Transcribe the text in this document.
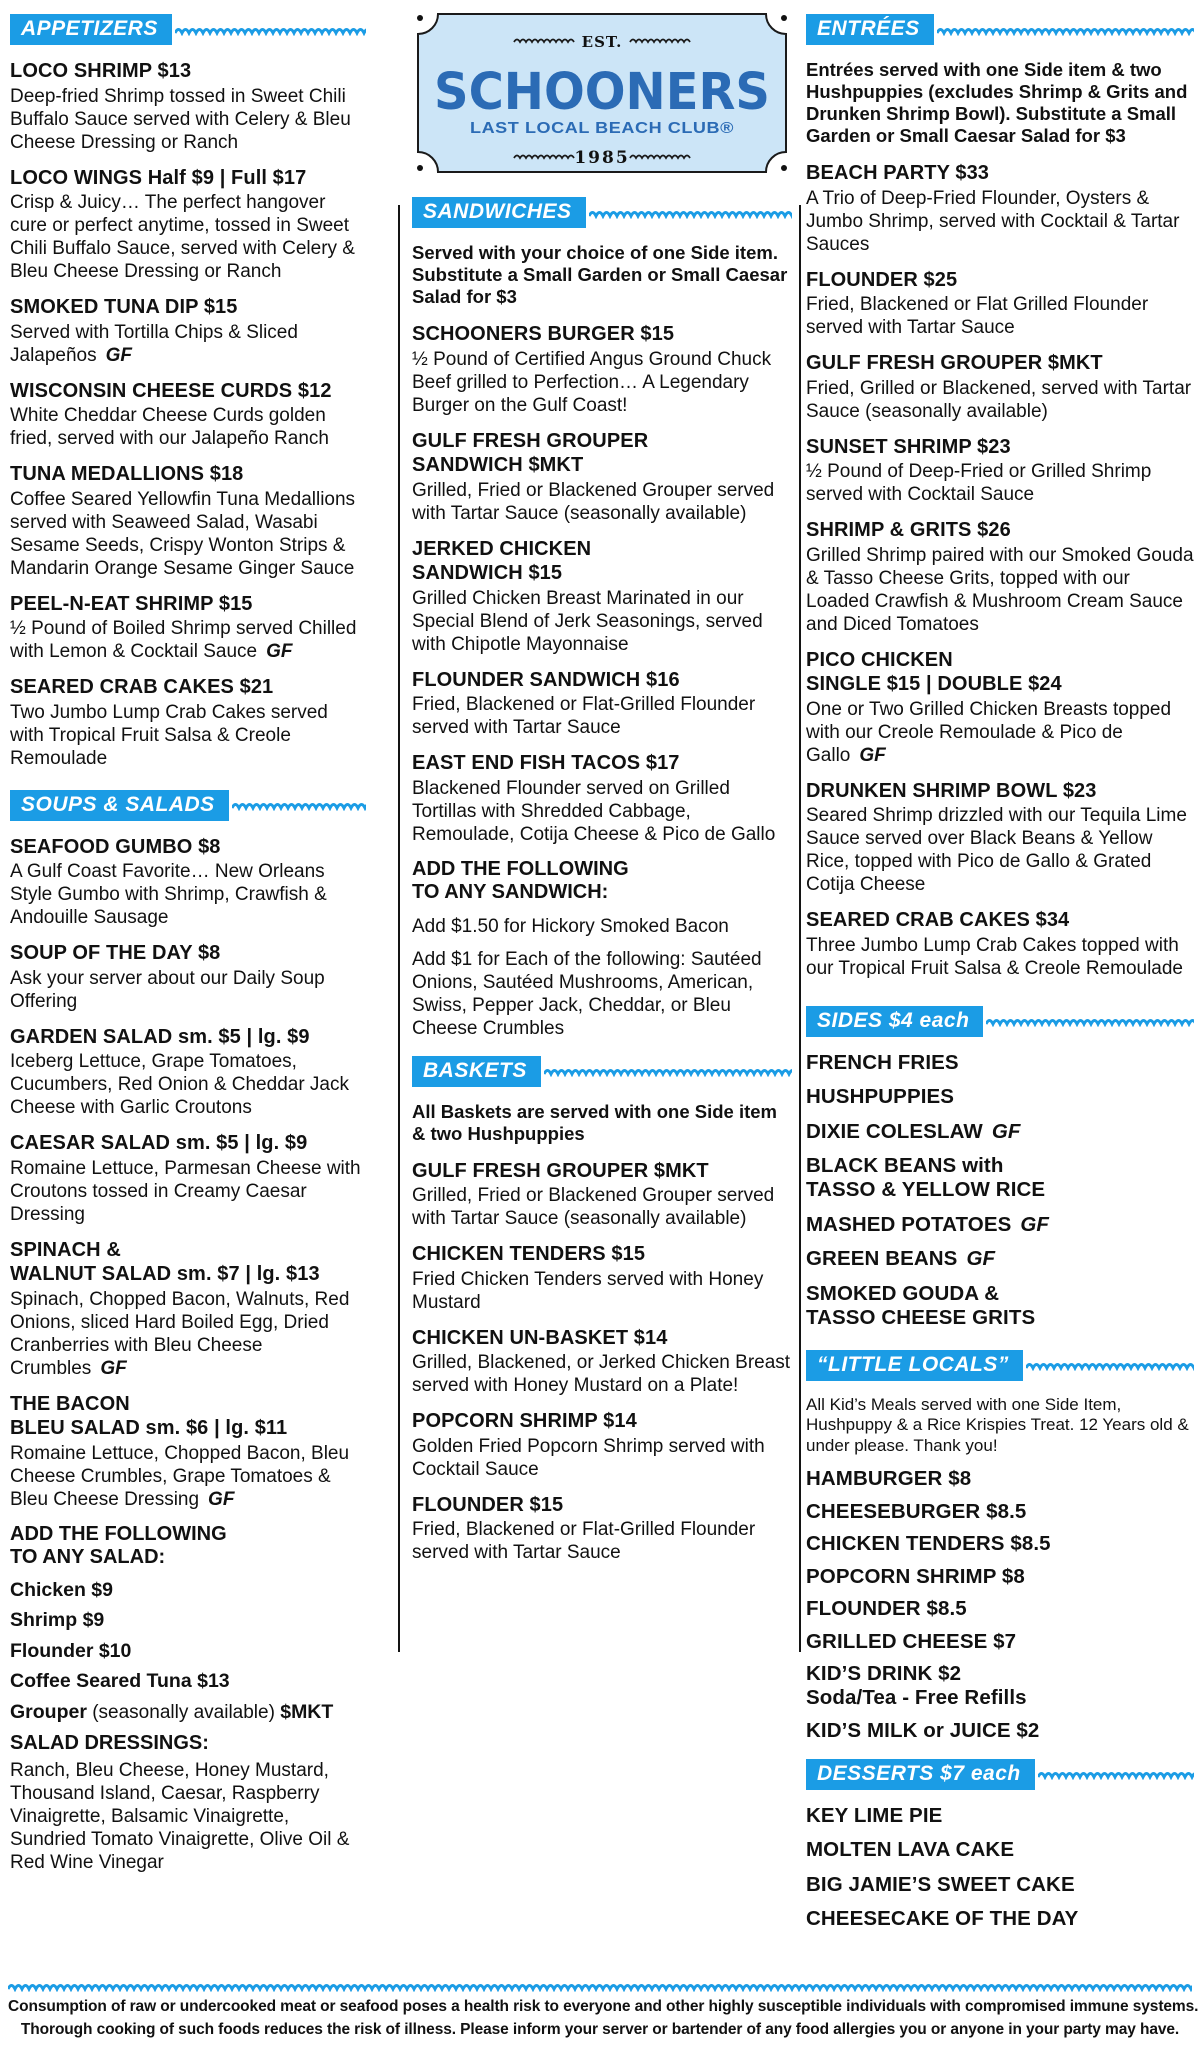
APPETIZERS
LOCO SHRIMP $13
Deep-fried Shrimp tossed in Sweet Chili Buffalo Sauce served with Celery & Bleu Cheese Dressing or Ranch
LOCO WINGS Half $9 | Full $17
Crisp & Juicy… The perfect hangover cure or perfect anytime, tossed in Sweet Chili Buffalo Sauce, served with Celery & Bleu Cheese Dressing or Ranch
SMOKED TUNA DIP $15
Served with Tortilla Chips & Sliced Jalapeños GF
WISCONSIN CHEESE CURDS $12
White Cheddar Cheese Curds golden fried, served with our Jalapeño Ranch
TUNA MEDALLIONS $18
Coffee Seared Yellowfin Tuna Medallions served with Seaweed Salad, Wasabi Sesame Seeds, Crispy Wonton Strips & Mandarin Orange Sesame Ginger Sauce
PEEL-N-EAT SHRIMP $15
½ Pound of Boiled Shrimp served Chilled with Lemon & Cocktail Sauce GF
SEARED CRAB CAKES $21
Two Jumbo Lump Crab Cakes served with Tropical Fruit Salsa & Creole Remoulade
SOUPS & SALADS
SEAFOOD GUMBO $8
A Gulf Coast Favorite… New Orleans Style Gumbo with Shrimp, Crawfish & Andouille Sausage
SOUP OF THE DAY $8
Ask your server about our Daily Soup Offering
GARDEN SALAD sm. $5 | lg. $9
Iceberg Lettuce, Grape Tomatoes, Cucumbers, Red Onion & Cheddar Jack Cheese with Garlic Croutons
CAESAR SALAD sm. $5 | lg. $9
Romaine Lettuce, Parmesan Cheese with Croutons tossed in Creamy Caesar Dressing
SPINACH &
WALNUT SALAD sm. $7 | lg. $13
Spinach, Chopped Bacon, Walnuts, Red Onions, sliced Hard Boiled Egg, Dried Cranberries with Bleu Cheese Crumbles GF
THE BACON
BLEU SALAD sm. $6 | lg. $11
Romaine Lettuce, Chopped Bacon, Bleu Cheese Crumbles, Grape Tomatoes & Bleu Cheese Dressing GF
ADD THE FOLLOWING
TO ANY SALAD:
Chicken $9
Shrimp $9
Flounder $10
Coffee Seared Tuna $13
Grouper (seasonally available) $MKT
SALAD DRESSINGS:

Ranch, Bleu Cheese, Honey Mustard, Thousand Island, Caesar, Raspberry Vinaigrette, Balsamic Vinaigrette, Sundried Tomato Vinaigrette, Olive Oil & Red Wine Vinegar

EST.
SCHOONERS
LAST LOCAL BEACH CLUB®
1985
SANDWICHES

Served with your choice of one Side item. Substitute a Small Garden or Small Caesar Salad for $3

SCHOONERS BURGER $15
½ Pound of Certified Angus Ground Chuck Beef grilled to Perfection… A Legendary Burger on the Gulf Coast!
GULF FRESH GROUPER
SANDWICH $MKT
Grilled, Fried or Blackened Grouper served with Tartar Sauce (seasonally available)
JERKED CHICKEN
SANDWICH $15
Grilled Chicken Breast Marinated in our Special Blend of Jerk Seasonings, served with Chipotle Mayonnaise
FLOUNDER SANDWICH $16
Fried, Blackened or Flat-Grilled Flounder served with Tartar Sauce
EAST END FISH TACOS $17
Blackened Flounder served on Grilled Tortillas with Shredded Cabbage, Remoulade, Cotija Cheese & Pico de Gallo
ADD THE FOLLOWING
TO ANY SANDWICH:

Add $1.50 for Hickory Smoked Bacon

Add $1 for Each of the following: Sautéed Onions, Sautéed Mushrooms, American, Swiss, Pepper Jack, Cheddar, or Bleu Cheese Crumbles

BASKETS

All Baskets are served with one Side item & two Hushpuppies

GULF FRESH GROUPER $MKT
Grilled, Fried or Blackened Grouper served with Tartar Sauce (seasonally available)
CHICKEN TENDERS $15
Fried Chicken Tenders served with Honey Mustard
CHICKEN UN-BASKET $14
Grilled, Blackened, or Jerked Chicken Breast served with Honey Mustard on a Plate!
POPCORN SHRIMP $14
Golden Fried Popcorn Shrimp served with Cocktail Sauce
FLOUNDER $15
Fried, Blackened or Flat-Grilled Flounder served with Tartar Sauce
ENTRÉES

Entrées served with one Side item & two Hushpuppies (excludes Shrimp & Grits and Drunken Shrimp Bowl). Substitute a Small Garden or Small Caesar Salad for $3

BEACH PARTY $33
A Trio of Deep-Fried Flounder, Oysters & Jumbo Shrimp, served with Cocktail & Tartar Sauces
FLOUNDER $25
Fried, Blackened or Flat Grilled Flounder served with Tartar Sauce
GULF FRESH GROUPER $MKT
Fried, Grilled or Blackened, served with Tartar Sauce (seasonally available)
SUNSET SHRIMP $23
½ Pound of Deep-Fried or Grilled Shrimp served with Cocktail Sauce
SHRIMP & GRITS $26
Grilled Shrimp paired with our Smoked Gouda & Tasso Cheese Grits, topped with our Loaded Crawfish & Mushroom Cream Sauce and Diced Tomatoes
PICO CHICKEN
SINGLE $15 | DOUBLE $24
One or Two Grilled Chicken Breasts topped with our Creole Remoulade & Pico de Gallo GF
DRUNKEN SHRIMP BOWL $23
Seared Shrimp drizzled with our Tequila Lime Sauce served over Black Beans & Yellow Rice, topped with Pico de Gallo & Grated Cotija Cheese
SEARED CRAB CAKES $34
Three Jumbo Lump Crab Cakes topped with our Tropical Fruit Salsa & Creole Remoulade
SIDES $4 each
FRENCH FRIES
HUSHPUPPIES
DIXIE COLESLAW GF
BLACK BEANS with
TASSO & YELLOW RICE
MASHED POTATOES GF
GREEN BEANS GF
SMOKED GOUDA &
TASSO CHEESE GRITS
“LITTLE LOCALS”

All Kid’s Meals served with one Side Item, Hushpuppy & a Rice Krispies Treat. 12 Years old & under please. Thank you!

HAMBURGER $8
CHEESEBURGER $8.5
CHICKEN TENDERS $8.5
POPCORN SHRIMP $8
FLOUNDER $8.5
GRILLED CHEESE $7
KID’S DRINK $2
Soda/Tea - Free Refills
KID’S MILK or JUICE $2
DESSERTS $7 each
KEY LIME PIE
MOLTEN LAVA CAKE
BIG JAMIE’S SWEET CAKE
CHEESECAKE OF THE DAY
Consumption of raw or undercooked meat or seafood poses a health risk to everyone and other highly susceptible individuals with compromised immune systems.
Thorough cooking of such foods reduces the risk of illness. Please inform your server or bartender of any food allergies you or anyone in your party may have.
